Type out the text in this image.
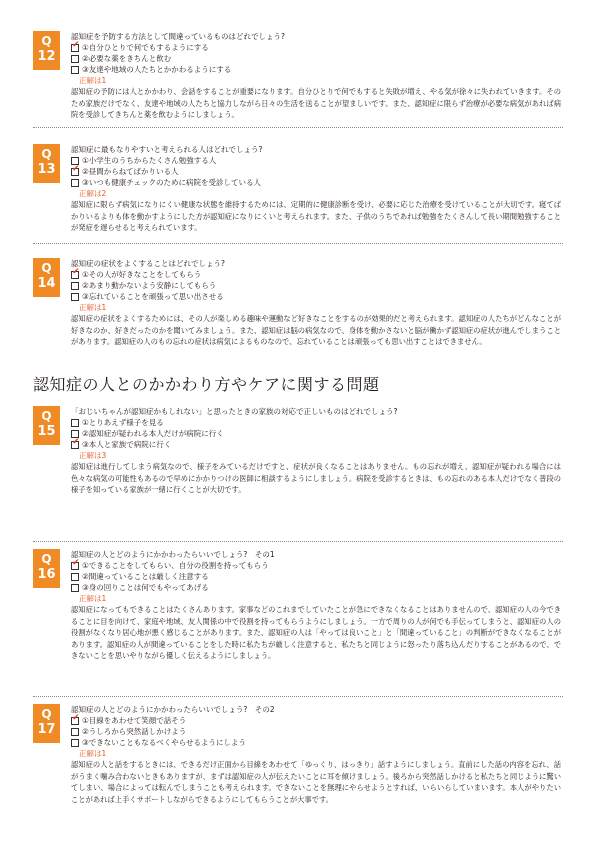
Q
12
認知症を予防する方法として間違っているものはどれでしょう?
✔ ①自分ひとりで何でもするようにする
②必要な薬をきちんと飲む
③友達や地域の人たちとかかわるようにする
正解は1
認知症の予防には人とかかわり、会話をすることが重要になります。自分ひとりで何でもすると失敗が増え、やる気が徐々に失われていきます。そのため家族だけでなく、友達や地域の人たちと協力しながら日々の生活を送ることが望ましいです。また、認知症に限らず治療が必要な病気があれば病院を受診してきちんと薬を飲むようにしましょう。
Q
13
認知症に最もなりやすいと考えられる人はどれでしょう?
①小学生のうちからたくさん勉強する人
✔ ②昼間からねてばかりいる人
③いつも健康チェックのために病院を受診している人
正解は2
認知症に限らず病気になりにくい健康な状態を維持するためには、定期的に健康診断を受け、必要に応じた治療を受けていることが大切です。寝てばかりいるよりも体を動かすようにした方が認知症になりにくいと考えられます。また、子供のうちであれば勉強をたくさんして長い期間勉強することが発症を遅らせると考えられています。
Q
14
認知症の症状をよくすることはどれでしょう?
✔ ①その人が好きなことをしてもらう
②あまり動かないよう安静にしてもらう
③忘れていることを頑張って思い出させる
正解は1
認知症の症状をよくするためには、その人が楽しめる趣味や運動など好きなことをするのが効果的だと考えられます。認知症の人たちがどんなことが好きなのか、好きだったのかを聞いてみましょう。また、認知症は脳の病気なので、身体を動かさないと脳が働かず認知症の症状が進んでしまうことがあります。認知症の人のもの忘れの症状は病気によるものなので、忘れていることは頑張っても思い出すことはできません。
認知症の人とのかかわり方やケアに関する問題
Q
15
「おじいちゃんが認知症かもしれない」と思ったときの家族の対応で正しいものはどれでしょう?
①とりあえず様子を見る
②認知症が疑われる本人だけが病院に行く
✔ ③本人と家族で病院に行く
正解は3
認知症は進行してしまう病気なので、様子をみているだけですと、症状が良くなることはありません。もの忘れが増え、認知症が疑われる場合には色々な病気の可能性もあるので早めにかかりつけの医師に相談するようにしましょう。病院を受診するときは、もの忘れのある本人だけでなく普段の様子を知っている家族が一緒に行くことが大切です。
Q
16
認知症の人とどのようにかかわったらいいでしょう?　その1
✔ ①できることをしてもらい、自分の役割を持ってもらう
②間違っていることは厳しく注意する
③身の回りことは何でもやってあげる
正解は1
認知症になってもできることはたくさんあります。家事などのこれまでしていたことが急にできなくなることはありませんので、認知症の人の今できることに目を向けて、家庭や地域、友人関係の中で役割を持ってもらうようにしましょう。一方で周りの人が何でも手伝ってしまうと、認知症の人の役割がなくなり居心地が悪く感じることがあります。また、認知症の人は「やっては良いこと」と「間違っていること」の判断ができなくなることがあります。認知症の人が間違っていることをした時に私たちが厳しく注意すると、私たちと同じように怒ったり落ち込んだりすることがあるので、できないことを思いやりながら優しく伝えるようにしましょう。
Q
17
認知症の人とどのようにかかわったらいいでしょう?　その2
✔ ①目線をあわせて笑顔で話そう
②うしろから突然話しかけよう
③できないこともなるべくやらせるようにしよう
正解は1
認知症の人と話をするときには、できるだけ正面から目線をあわせて「ゆっくり、はっきり」話すようにしましょう。直前にした話の内容を忘れ、話がうまく噛み合わないときもありますが、まずは認知症の人が伝えたいことに耳を傾けましょう。後ろから突然話しかけると私たちと同じように驚いてしまい、場合によっては転んでしまうことも考えられます。できないことを無理にやらせようとすれば、いらいらしていまいます。本人がやりたいことがあれば上手くサポートしながらできるようにしてもらうことが大事です。
